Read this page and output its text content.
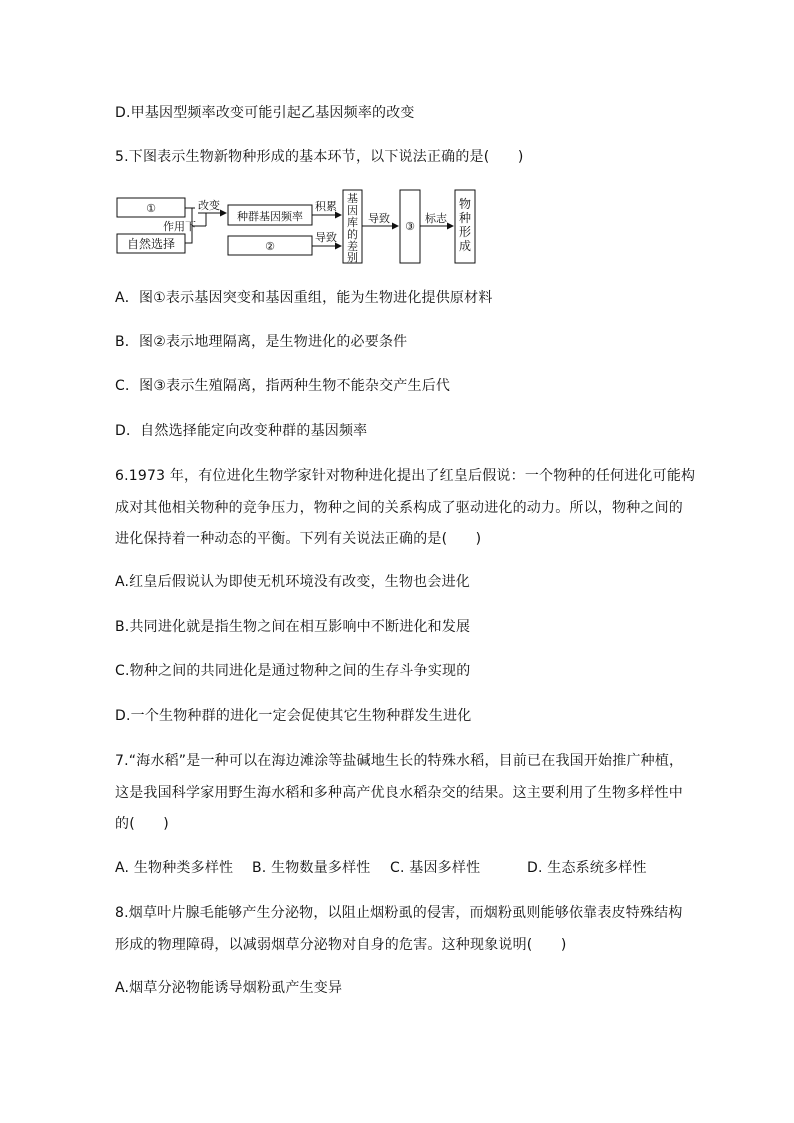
D.甲基因型频率改变可能引起乙基因频率的改变
5.下图表示生物新物种形成的基本环节，以下说法正确的是(　　)
①
自然选择
作用下
改变
种群基因频率
②
积累
导致
基
因
库
的
差
别
导致
③
标志
物
种
形
成
A．图①表示基因突变和基因重组，能为生物进化提供原材料
B．图②表示地理隔离，是生物进化的必要条件
C．图③表示生殖隔离，指两种生物不能杂交产生后代
D．自然选择能定向改变种群的基因频率
6.1973 年，有位进化生物学家针对物种进化提出了红皇后假说：一个物种的任何进化可能构
成对其他相关物种的竞争压力，物种之间的关系构成了驱动进化的动力。所以，物种之间的
进化保持着一种动态的平衡。下列有关说法正确的是(　　)
A.红皇后假说认为即使无机环境没有改变，生物也会进化
B.共同进化就是指生物之间在相互影响中不断进化和发展
C.物种之间的共同进化是通过物种之间的生存斗争实现的
D.一个生物种群的进化一定会促使其它生物种群发生进化
7.“海水稻”是一种可以在海边滩涂等盐碱地生长的特殊水稻，目前已在我国开始推广种植，
这是我国科学家用野生海水稻和多种高产优良水稻杂交的结果。这主要利用了生物多样性中
的(　　)
A. 生物种类多样性 B. 生物数量多样性 C. 基因多样性	D. 生态系统多样性
8.烟草叶片腺毛能够产生分泌物，以阻止烟粉虱的侵害，而烟粉虱则能够依靠表皮特殊结构
形成的物理障碍，以减弱烟草分泌物对自身的危害。这种现象说明(　　)
A.烟草分泌物能诱导烟粉虱产生变异
